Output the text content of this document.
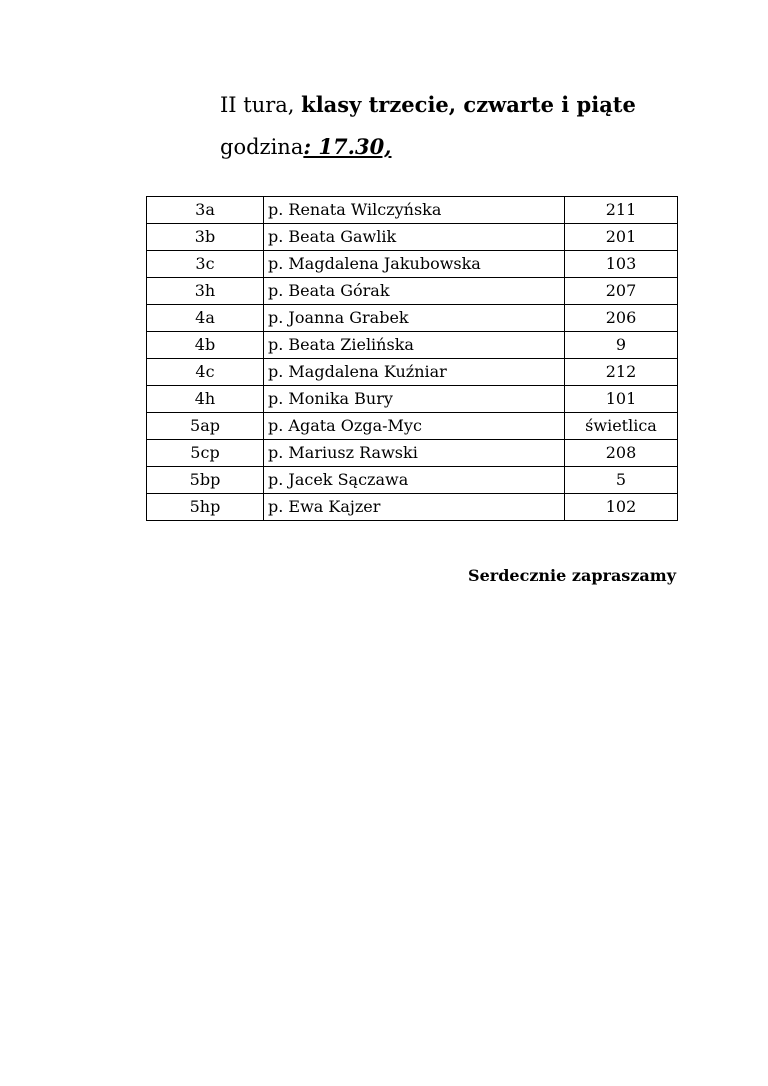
II tura, klasy trzecie, czwarte i piąte
godzina: 17.30,
3a	p. Renata Wilczyńska	211
3b	p. Beata Gawlik	201
3c	p. Magdalena Jakubowska	103
3h	p. Beata Górak	207
4a	p. Joanna Grabek	206
4b	p. Beata Zielińska	9
4c	p. Magdalena Kuźniar	212
4h	p. Monika Bury	101
5ap	p. Agata Ozga-Myc	świetlica
5cp	p. Mariusz Rawski	208
5bp	p. Jacek Sączawa	5
5hp	p. Ewa Kajzer	102
Serdecznie zapraszamy
